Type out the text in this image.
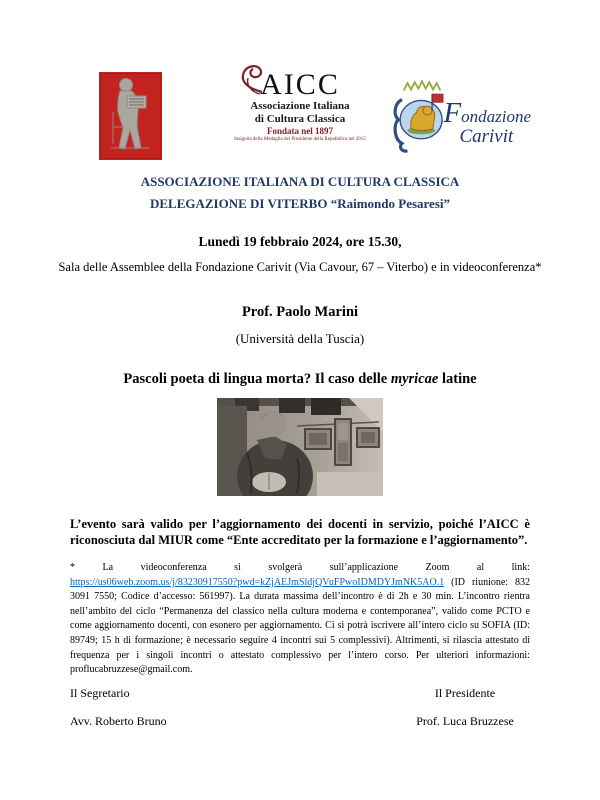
AICC
Associazione Italiana
di Cultura Classica
Fondata nel 1897
Insignita della Medaglia del Presidente della Repubblica nel 2015
Fondazione
Carivit
ASSOCIAZIONE ITALIANA DI CULTURA CLASSICA
DELEGAZIONE DI VITERBO “Raimondo Pesaresi”
Lunedì 19 febbraio 2024, ore 15.30,
Sala delle Assemblee della Fondazione Carivit (Via Cavour, 67 – Viterbo) e in videoconferenza*
Prof. Paolo Marini
(Università della Tuscia)
Pascoli poeta di lingua morta? Il caso delle myricae latine
L’evento sarà valido per l’aggiornamento dei docenti in servizio, poiché l’AICC è riconosciuta dal MIUR come “Ente accreditato per la formazione e l’aggiornamento”.
* La videoconferenza si svolgerà sull’applicazione Zoom al link:
https://us06web.zoom.us/j/83230917550?pwd=kZjAEJmSldjQVuFPwoIDMDYJmNK5AO.1 (ID riunione: 832 3091 7550; Codice d’accesso: 561997). La durata massima dell’incontro è di 2h e 30 min. L’incontro rientra nell’ambito del ciclo “Permanenza del classico nella cultura moderna e contemporanea”, valido come PCTO e come aggiornamento docenti, con esonero per aggiornamento. Ci si potrà iscrivere all’intero ciclo su SOFIA (ID: 89749; 15 h di formazione; è necessario seguire 4 incontri sui 5 complessivi). Altrimenti, si rilascia attestato di frequenza per i singoli incontri o attestato complessivo per l’intero corso. Per ulteriori informazioni: proflucabruzzese@gmail.com.
Il Segretario
Avv. Roberto Bruno
Il Presidente
Prof. Luca Bruzzese
